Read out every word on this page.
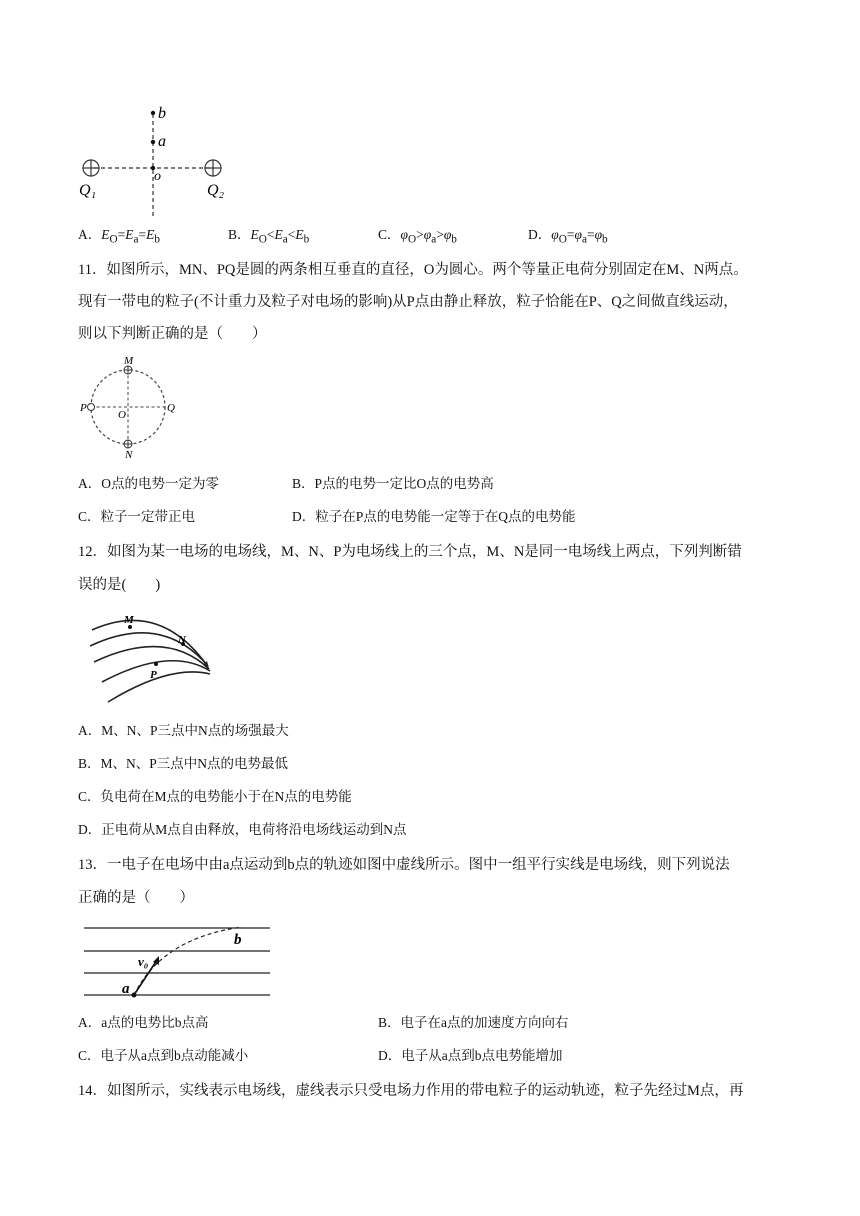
b
a
o
Q₁	Q₂
A．$E_O=E_a=E_b$	B．$E_O<E_a<E_b$	C．$\varphi_O>\varphi_a>\varphi_b$	D．$\varphi_O=\varphi_a=\varphi_b$
11．如图所示，MN、PQ是圆的两条相互垂直的直径，O为圆心。两个等量正电荷分别固定在M、N两点。
现有一带电的粒子(不计重力及粒子对电场的影响)从P点由静止释放，粒子恰能在P、Q之间做直线运动，
则以下判断正确的是（　　）
M
N
P	Q
O
A．O点的电势一定为零	B．P点的电势一定比O点的电势高
C．粒子一定带正电	D．粒子在P点的电势能一定等于在Q点的电势能
12．如图为某一电场的电场线，M、N、P为电场线上的三个点，M、N是同一电场线上两点，下列判断错
误的是(　　)
M
N
P
A．M、N、P三点中N点的场强最大
B．M、N、P三点中N点的电势最低
C．负电荷在M点的电势能小于在N点的电势能
D．正电荷从M点自由释放，电荷将沿电场线运动到N点
13．一电子在电场中由a点运动到b点的轨迹如图中虚线所示。图中一组平行实线是电场线，则下列说法
正确的是（　　）
b
a
v₀
A．a点的电势比b点高	B．电子在a点的加速度方向向右
C．电子从a点到b点动能减小	D．电子从a点到b点电势能增加
14．如图所示，实线表示电场线，虚线表示只受电场力作用的带电粒子的运动轨迹，粒子先经过M点，再
